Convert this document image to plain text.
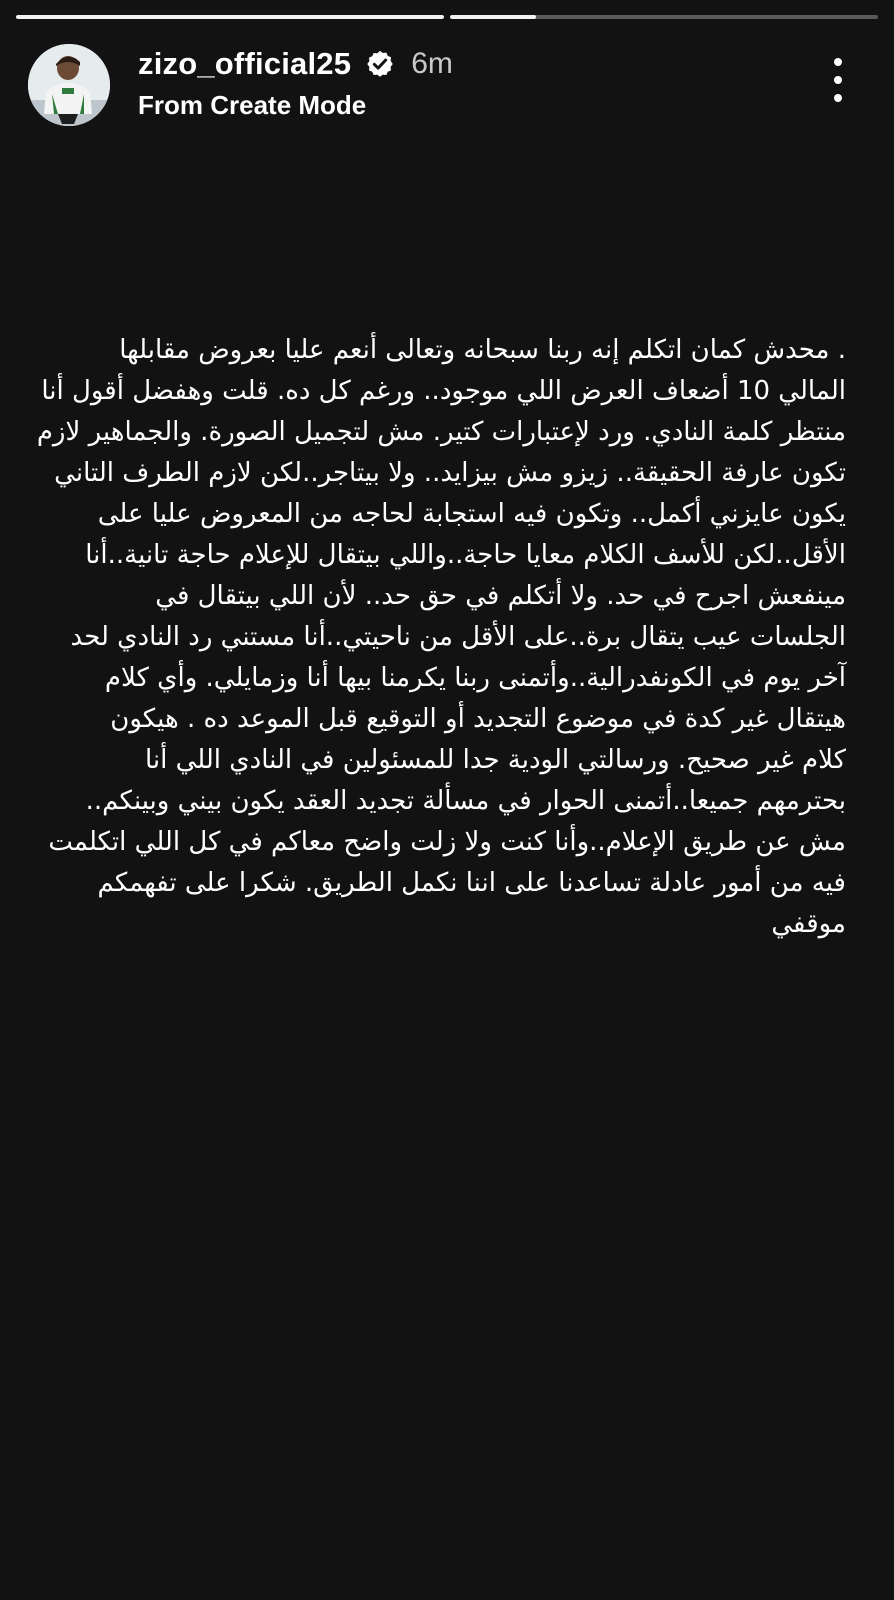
zizo_official25 6m
From Create Mode
. محدش كمان اتكلم إنه ربنا سبحانه وتعالى أنعم عليا بعروض مقابلها
المالي 10 أضعاف العرض اللي موجود.. ورغم كل ده. قلت وهفضل أقول أنا
منتظر كلمة النادي. ورد لإعتبارات كتير. مش لتجميل الصورة. والجماهير لازم
تكون عارفة الحقيقة.. زيزو مش بيزايد.. ولا بيتاجر..لكن لازم الطرف التاني
يكون عايزني أكمل.. وتكون فيه استجابة لحاجه من المعروض عليا على
الأقل..لكن للأسف الكلام معايا حاجة..واللي بيتقال للإعلام حاجة تانية..أنا
مينفعش اجرح في حد. ولا أتكلم في حق حد.. لأن اللي بيتقال في
الجلسات عيب يتقال برة..على الأقل من ناحيتي..أنا مستني رد النادي لحد
آخر يوم في الكونفدرالية..وأتمنى ربنا يكرمنا بيها أنا وزمايلي. وأي كلام
هيتقال غير كدة في موضوع التجديد أو التوقيع قبل الموعد ده . هيكون
كلام غير صحيح. ورسالتي الودية جدا للمسئولين في النادي اللي أنا
بحترمهم جميعا..أتمنى الحوار في مسألة تجديد العقد يكون بيني وبينكم..
مش عن طريق الإعلام..وأنا كنت ولا زلت واضح معاكم في كل اللي اتكلمت
فيه من أمور عادلة تساعدنا على اننا نكمل الطريق. شكرا على تفهمكم
موقفي
